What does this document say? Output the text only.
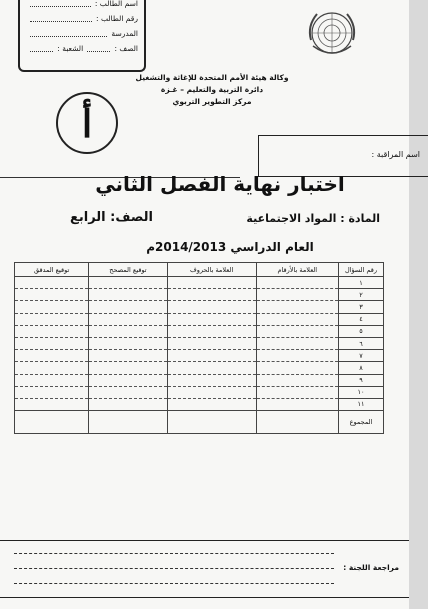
اسم الطالب :
رقم الطالب :
المدرسة
الصف :
الشعبة :
وكالة هيئة الأمم المتحدة للإغاثة والتشغيل
دائرة التربية والتعليم – غـزة
مركز التطوير التربوي
أ
اسم المراقبة :
اختبار نهاية الفصل الثاني
المادة : المواد الاجتماعية
الصف: الرابع
العام الدراسي 2014/2013م
رقم السؤال	العلامة بالأرقام	العلامة بالحروف	توقيع المصحح	توقيع المدقق
١				
٢				
٣				
٤				
٥				
٦				
٧				
٨				
٩				
١٠				
١١				
المجموع				
مراجعة اللجنة :
